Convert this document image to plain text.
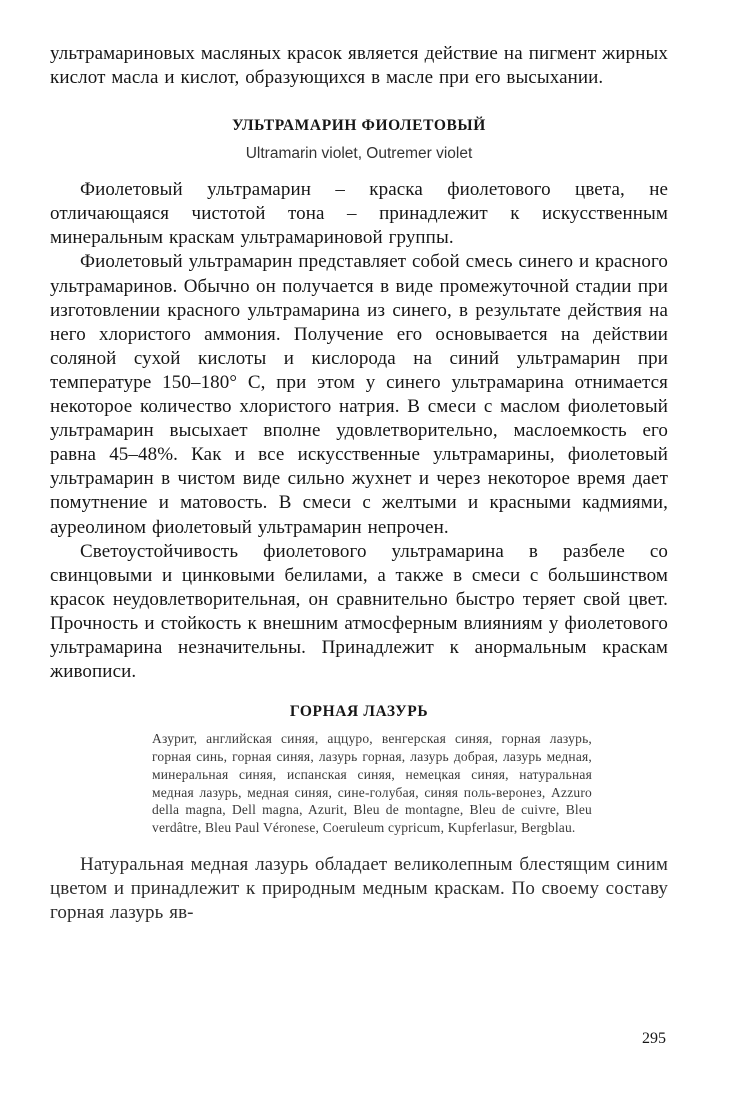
ультрамариновых масляных красок является действие на пигмент жирных кислот масла и кислот, образующихся в масле при его высыхании.

УЛЬТРАМАРИН ФИОЛЕТОВЫЙ
Ultramarin violet, Outremer violet

Фиолетовый ультрамарин – краска фиолетового цвета, не отличающаяся чистотой тона – принадлежит к искусственным минеральным краскам ультрамариновой группы.

Фиолетовый ультрамарин представляет собой смесь синего и красного ультрамаринов. Обычно он получается в виде промежуточной стадии при изготовлении красного ультрамарина из синего, в результате действия на него хлористого аммония. Получение его основывается на действии соляной сухой кислоты и кислорода на синий ультрамарин при температуре 150–180° С, при этом у синего ультрамарина отнимается некоторое количество хлористого натрия. В смеси с маслом фиолетовый ультрамарин высыхает вполне удовлетворительно, маслоемкость его равна 45–48%. Как и все искусственные ультрамарины, фиолетовый ультрамарин в чистом виде сильно жухнет и через некоторое время дает помутнение и матовость. В смеси с желтыми и красными кадмиями, ауреолином фиолетовый ультрамарин непрочен.

Светоустойчивость фиолетового ультрамарина в разбеле со свинцовыми и цинковыми белилами, а также в смеси с большинством красок неудовлетворительная, он сравнительно быстро теряет свой цвет. Прочность и стойкость к внешним атмосферным влияниям у фиолетового ультрамарина незначительны. Принадлежит к анормальным краскам живописи.

ГОРНАЯ ЛАЗУРЬ

Азурит, английская синяя, аццуро, венгерская синяя, горная лазурь, горная синь, горная синяя, лазурь горная, лазурь добрая, лазурь медная, минеральная синяя, испанская синяя, немецкая синяя, натуральная медная лазурь, медная синяя, сине-голубая, синяя поль-веронез, Azzuro della magna, Dell magna, Azurit, Bleu de montagne, Bleu de cuivre, Bleu verdâtre, Bleu Paul Véronese, Coeruleum cypricum, Kupferlasur, Bergblau.

Натуральная медная лазурь обладает великолепным блестящим синим цветом и принадлежит к природным медным краскам. По своему составу горная лазурь яв-

295
